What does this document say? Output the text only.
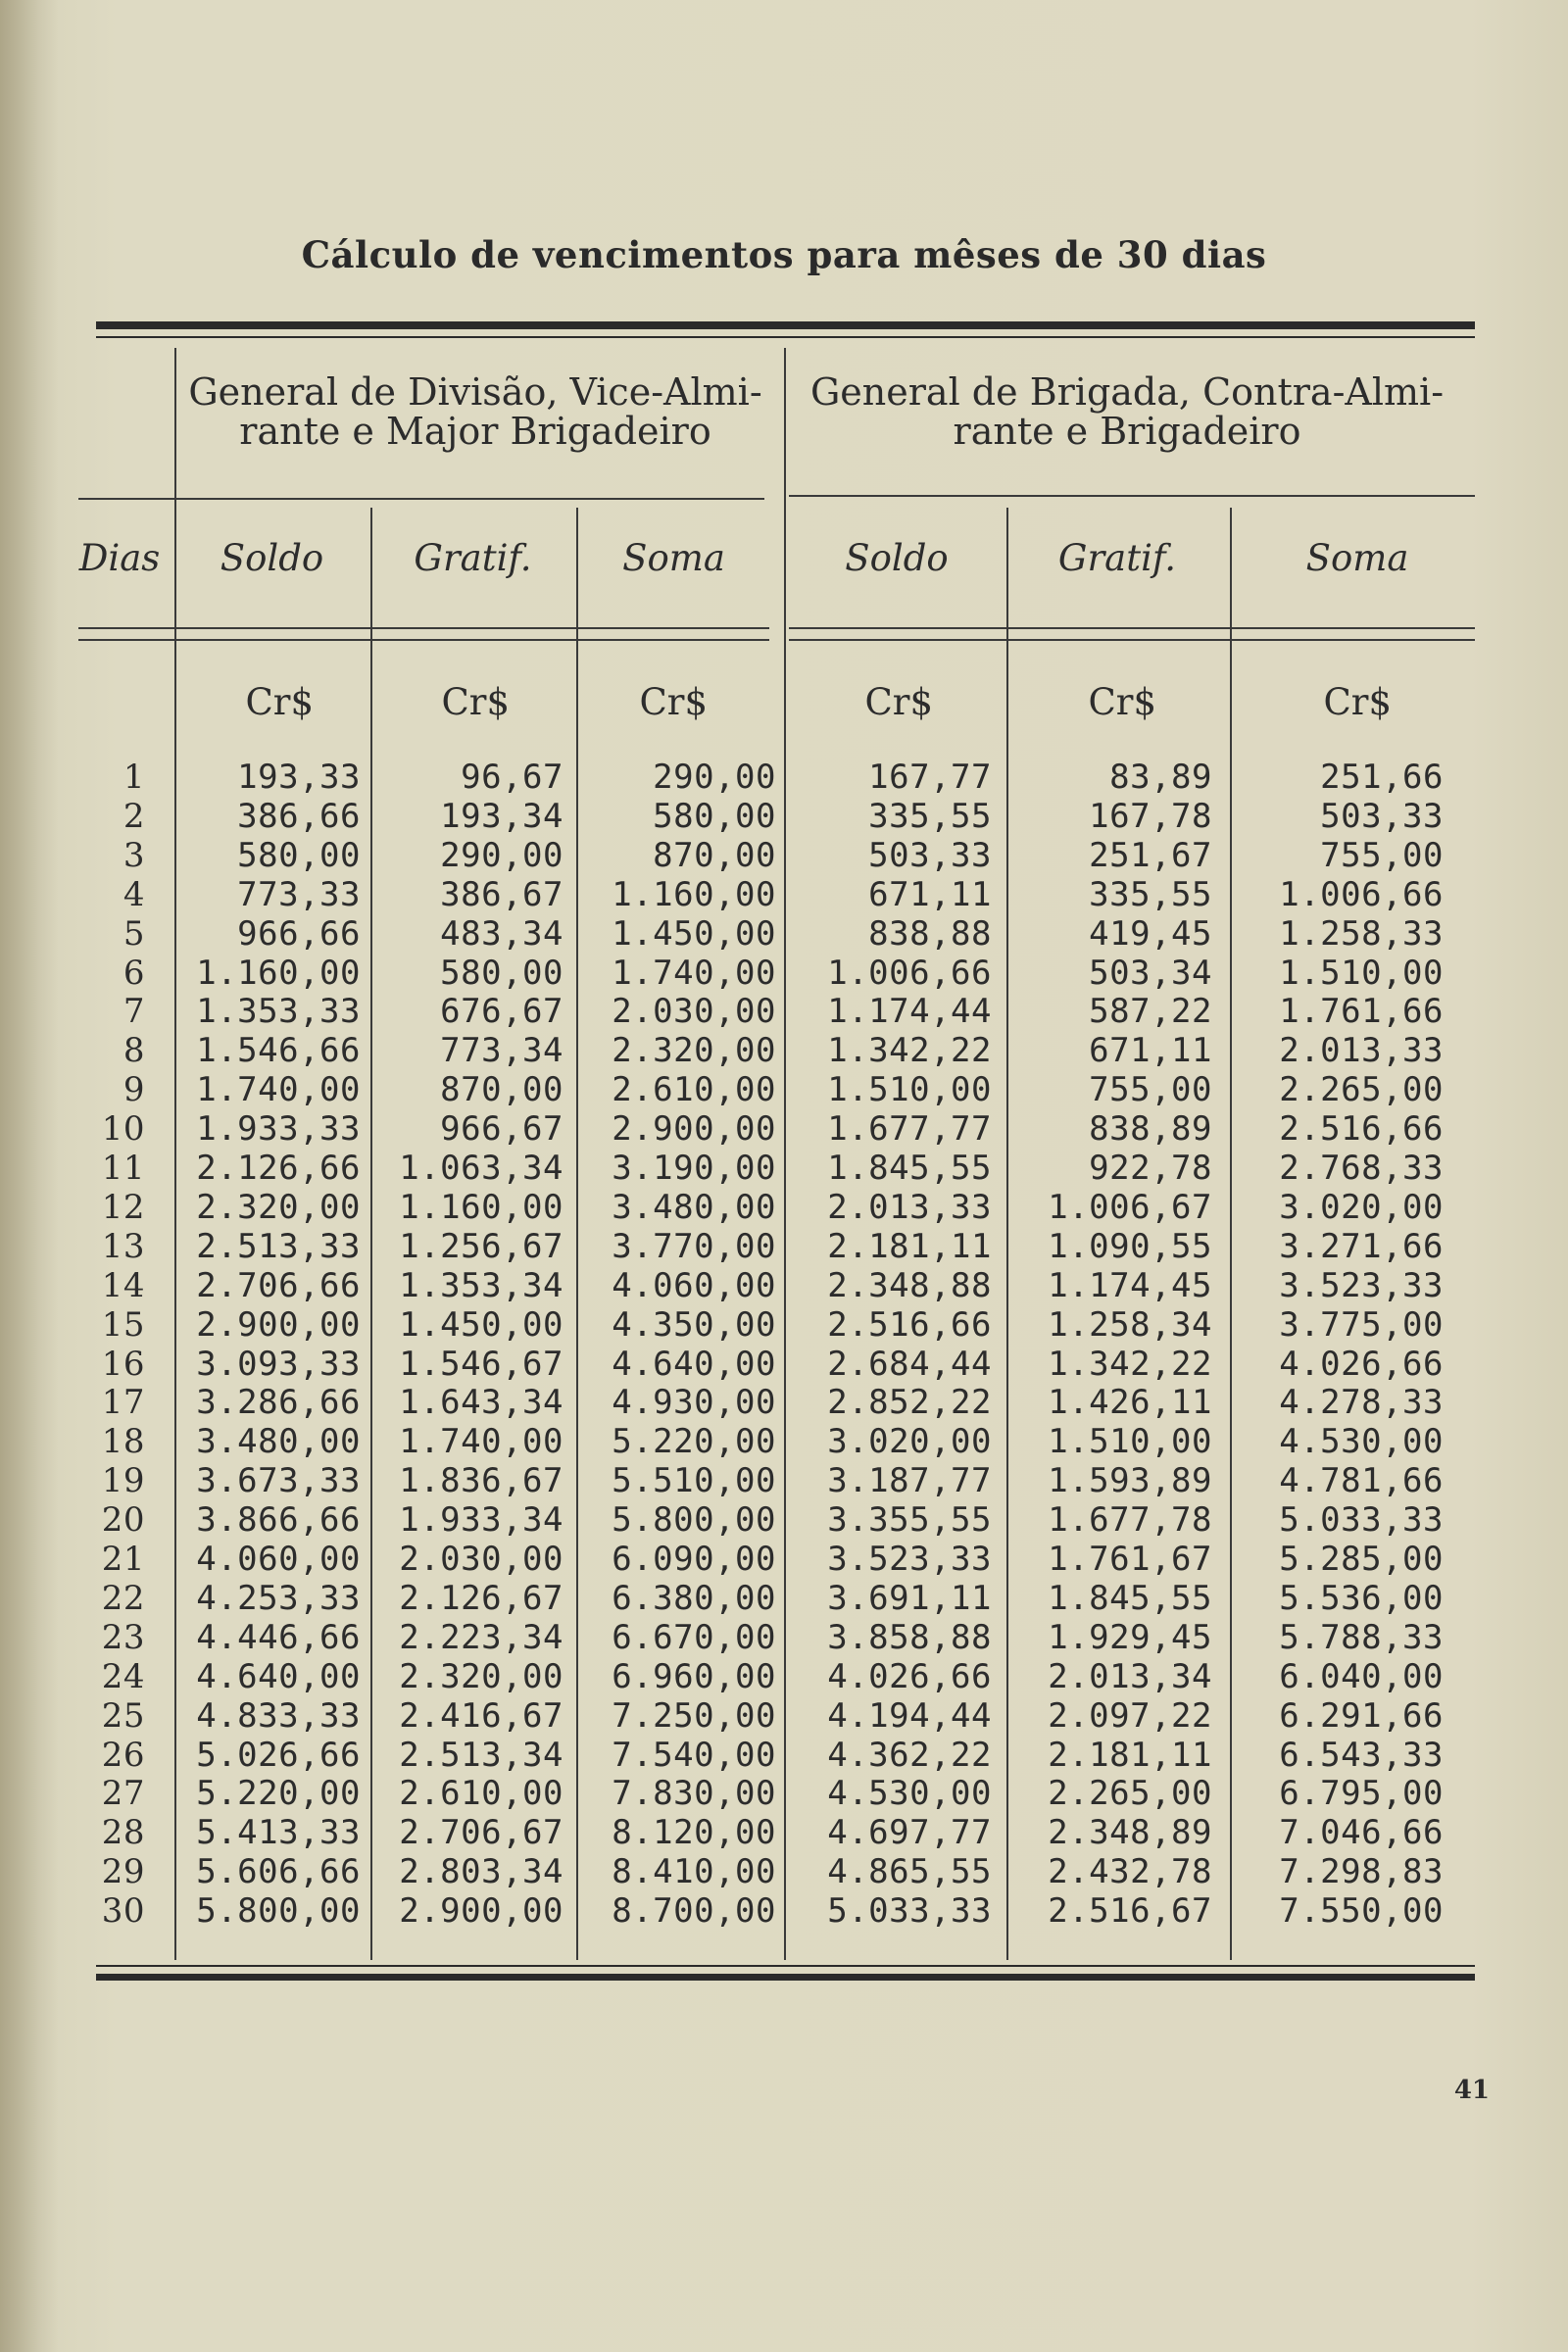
Cálculo de vencimentos para mêses de 30 dias
General de Divisão, Vice-Almi-
rante e Major Brigadeiro
General de Brigada, Contra-Almi-
rante e Brigadeiro
Dias	Soldo	Gratif.	Soma	Soldo	Gratif.	Soma
Cr$	Cr$	Cr$	Cr$	Cr$	Cr$
1	193,33	96,67	290,00	167,77	83,89	251,66
2	386,66	193,34	580,00	335,55	167,78	503,33
3	580,00	290,00	870,00	503,33	251,67	755,00
4	773,33	386,67	1.160,00	671,11	335,55	1.006,66
5	966,66	483,34	1.450,00	838,88	419,45	1.258,33
6	1.160,00	580,00	1.740,00	1.006,66	503,34	1.510,00
7	1.353,33	676,67	2.030,00	1.174,44	587,22	1.761,66
8	1.546,66	773,34	2.320,00	1.342,22	671,11	2.013,33
9	1.740,00	870,00	2.610,00	1.510,00	755,00	2.265,00
10	1.933,33	966,67	2.900,00	1.677,77	838,89	2.516,66
11	2.126,66	1.063,34	3.190,00	1.845,55	922,78	2.768,33
12	2.320,00	1.160,00	3.480,00	2.013,33	1.006,67	3.020,00
13	2.513,33	1.256,67	3.770,00	2.181,11	1.090,55	3.271,66
14	2.706,66	1.353,34	4.060,00	2.348,88	1.174,45	3.523,33
15	2.900,00	1.450,00	4.350,00	2.516,66	1.258,34	3.775,00
16	3.093,33	1.546,67	4.640,00	2.684,44	1.342,22	4.026,66
17	3.286,66	1.643,34	4.930,00	2.852,22	1.426,11	4.278,33
18	3.480,00	1.740,00	5.220,00	3.020,00	1.510,00	4.530,00
19	3.673,33	1.836,67	5.510,00	3.187,77	1.593,89	4.781,66
20	3.866,66	1.933,34	5.800,00	3.355,55	1.677,78	5.033,33
21	4.060,00	2.030,00	6.090,00	3.523,33	1.761,67	5.285,00
22	4.253,33	2.126,67	6.380,00	3.691,11	1.845,55	5.536,00
23	4.446,66	2.223,34	6.670,00	3.858,88	1.929,45	5.788,33
24	4.640,00	2.320,00	6.960,00	4.026,66	2.013,34	6.040,00
25	4.833,33	2.416,67	7.250,00	4.194,44	2.097,22	6.291,66
26	5.026,66	2.513,34	7.540,00	4.362,22	2.181,11	6.543,33
27	5.220,00	2.610,00	7.830,00	4.530,00	2.265,00	6.795,00
28	5.413,33	2.706,67	8.120,00	4.697,77	2.348,89	7.046,66
29	5.606,66	2.803,34	8.410,00	4.865,55	2.432,78	7.298,83
30	5.800,00	2.900,00	8.700,00	5.033,33	2.516,67	7.550,00
41
